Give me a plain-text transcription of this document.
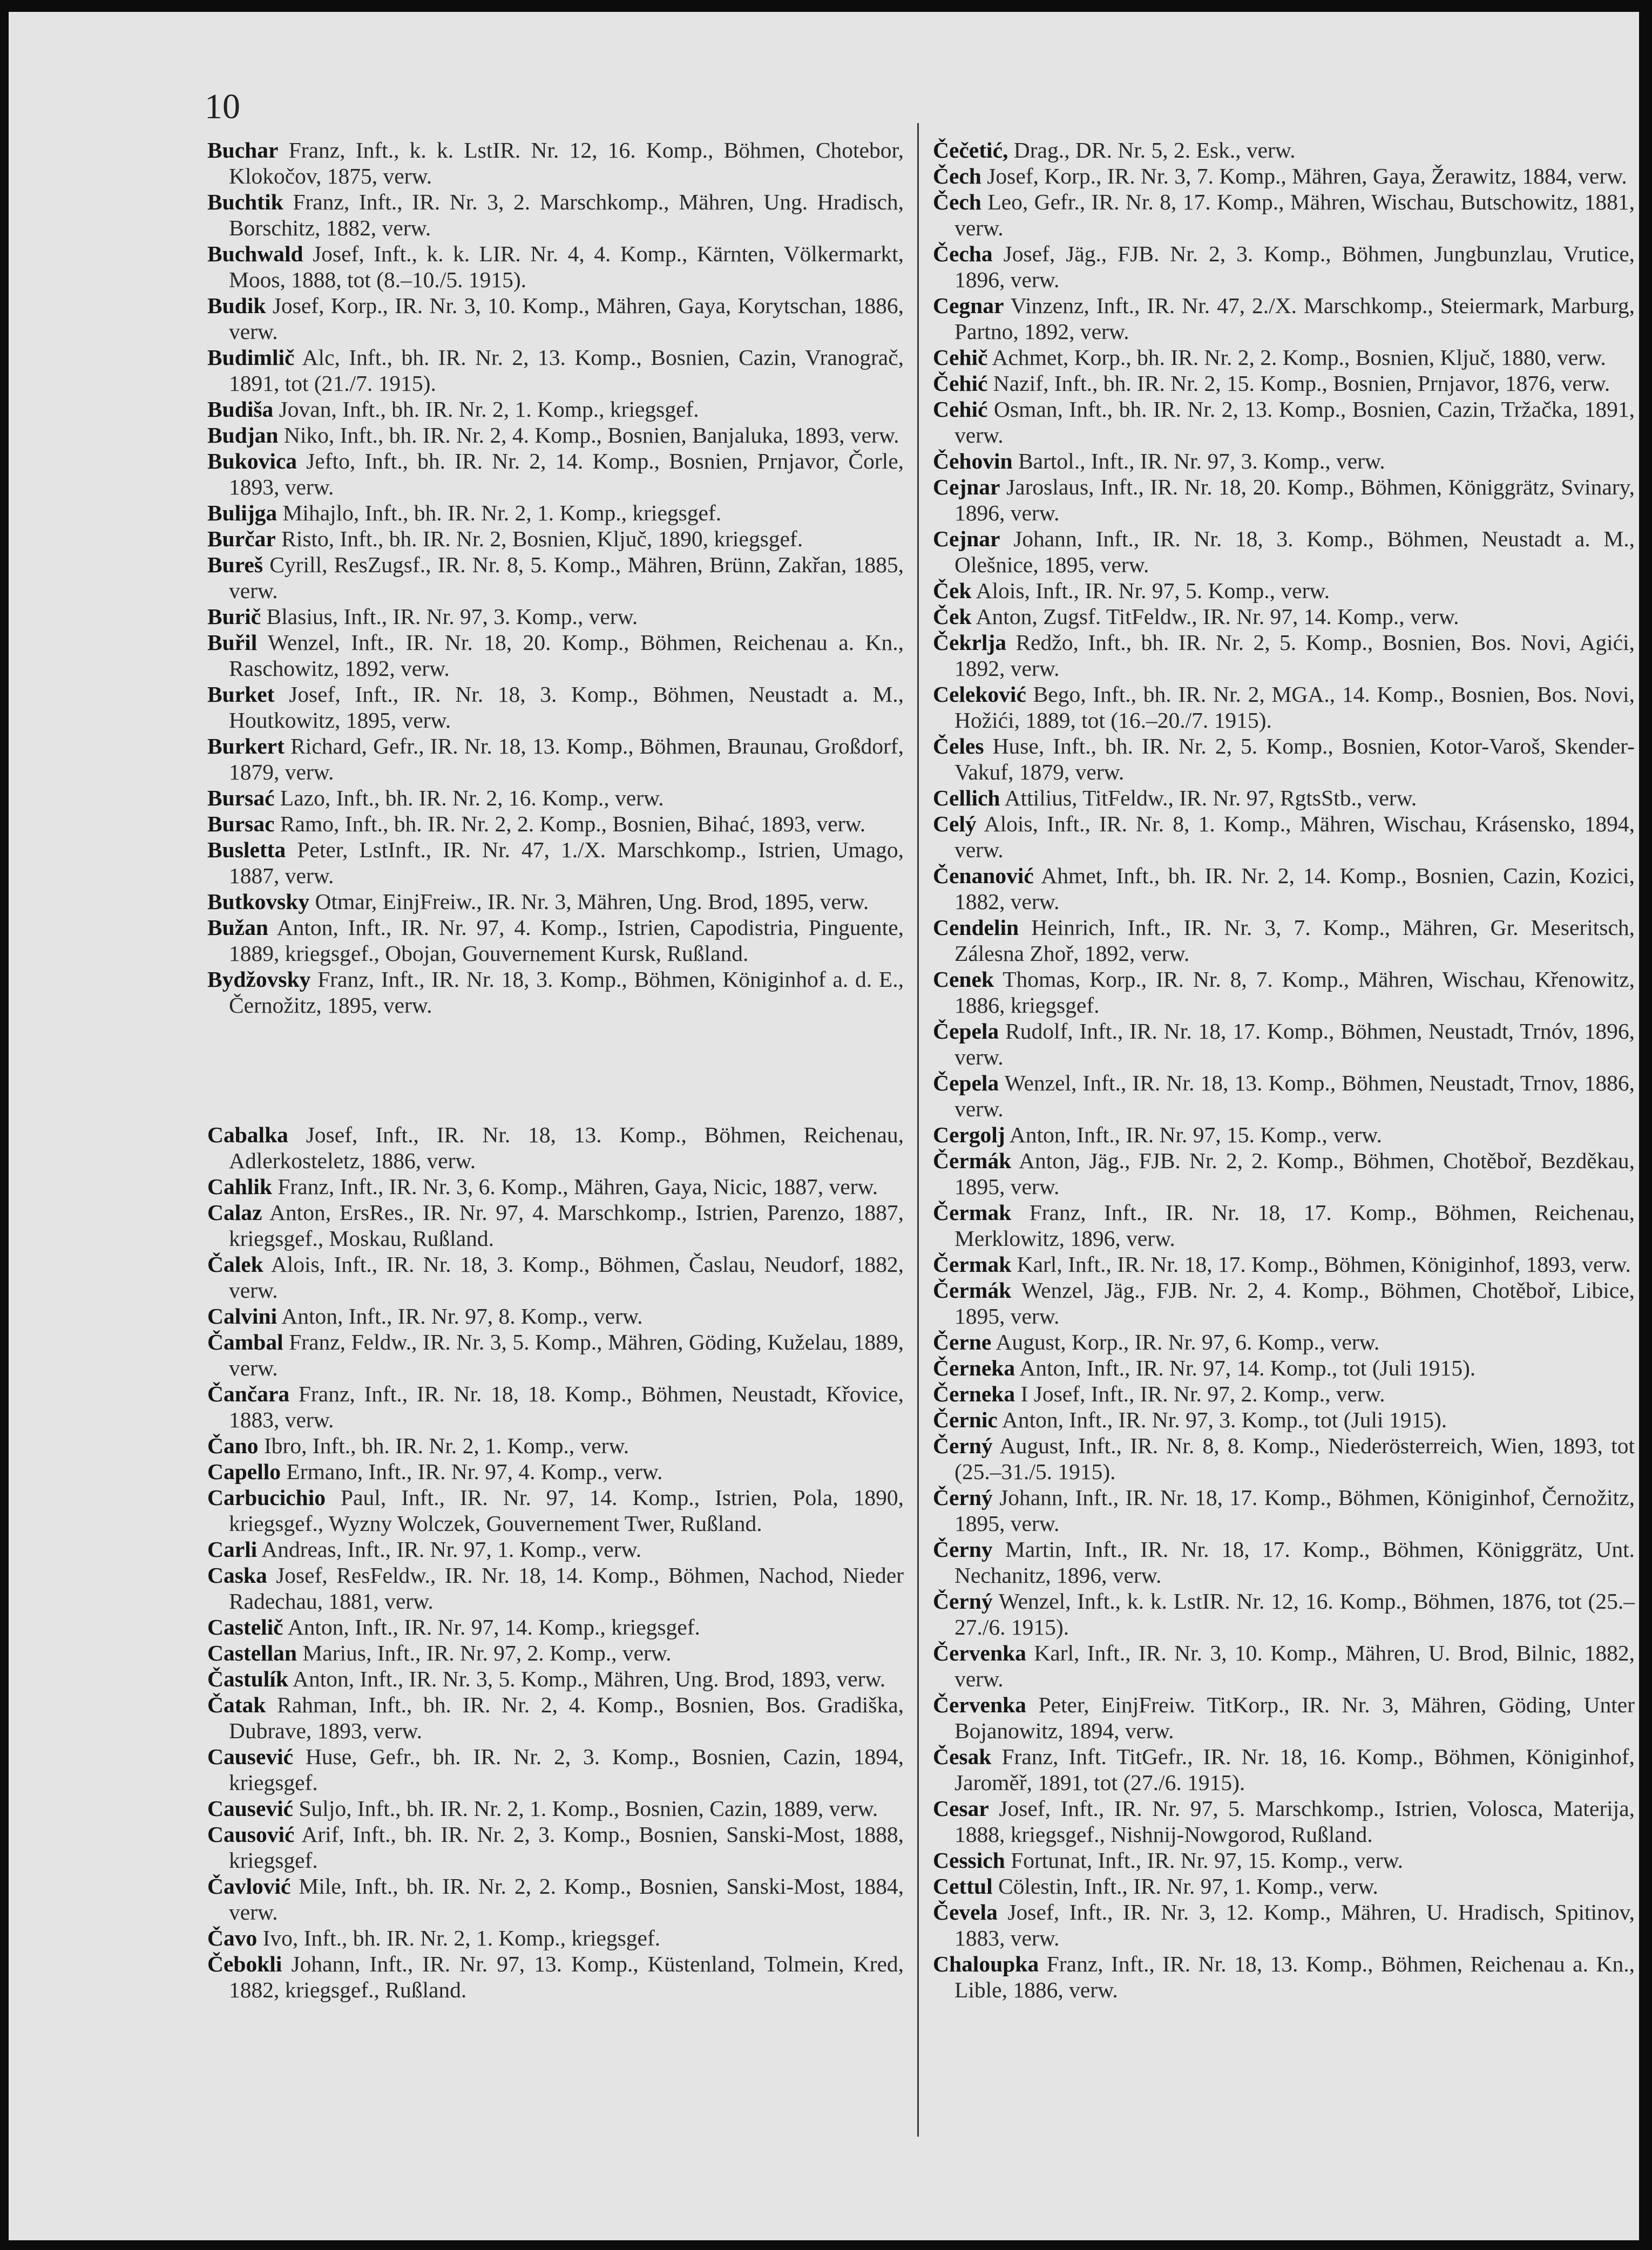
10
Buchar Franz, Inft., k. k. LstIR. Nr. 12, 16. Komp., Böhmen, Chotebor, Klokočov, 1875, verw.
Buchtik Franz, Inft., IR. Nr. 3, 2. Marschkomp., Mähren, Ung. Hradisch, Borschitz, 1882, verw.
Buchwald Josef, Inft., k. k. LIR. Nr. 4, 4. Komp., Kärnten, Völkermarkt, Moos, 1888, tot (8.–10./5. 1915).
Budik Josef, Korp., IR. Nr. 3, 10. Komp., Mähren, Gaya, Korytschan, 1886, verw.
Budimlič Alc, Inft., bh. IR. Nr. 2, 13. Komp., Bosnien, Cazin, Vranograč, 1891, tot (21./7. 1915).
Budiša Jovan, Inft., bh. IR. Nr. 2, 1. Komp., kriegsgef.
Budjan Niko, Inft., bh. IR. Nr. 2, 4. Komp., Bosnien, Banjaluka, 1893, verw.
Bukovica Jefto, Inft., bh. IR. Nr. 2, 14. Komp., Bosnien, Prnjavor, Čorle, 1893, verw.
Bulijga Mihajlo, Inft., bh. IR. Nr. 2, 1. Komp., kriegsgef.
Burčar Risto, Inft., bh. IR. Nr. 2, Bosnien, Ključ, 1890, kriegsgef.
Bureš Cyrill, ResZugsf., IR. Nr. 8, 5. Komp., Mähren, Brünn, Zakřan, 1885, verw.
Burič Blasius, Inft., IR. Nr. 97, 3. Komp., verw.
Buřil Wenzel, Inft., IR. Nr. 18, 20. Komp., Böhmen, Reichenau a. Kn., Raschowitz, 1892, verw.
Burket Josef, Inft., IR. Nr. 18, 3. Komp., Böhmen, Neustadt a. M., Houtkowitz, 1895, verw.
Burkert Richard, Gefr., IR. Nr. 18, 13. Komp., Böhmen, Braunau, Großdorf, 1879, verw.
Bursać Lazo, Inft., bh. IR. Nr. 2, 16. Komp., verw.
Bursac Ramo, Inft., bh. IR. Nr. 2, 2. Komp., Bosnien, Bihać, 1893, verw.
Busletta Peter, LstInft., IR. Nr. 47, 1./X. Marschkomp., Istrien, Umago, 1887, verw.
Butkovsky Otmar, EinjFreiw., IR. Nr. 3, Mähren, Ung. Brod, 1895, verw.
Bužan Anton, Inft., IR. Nr. 97, 4. Komp., Istrien, Capodistria, Pinguente, 1889, kriegsgef., Obojan, Gouvernement Kursk, Rußland.
Bydžovsky Franz, Inft., IR. Nr. 18, 3. Komp., Böhmen, Königinhof a. d. E., Černožitz, 1895, verw.
Cabalka Josef, Inft., IR. Nr. 18, 13. Komp., Böhmen, Reichenau, Adlerkosteletz, 1886, verw.
Cahlik Franz, Inft., IR. Nr. 3, 6. Komp., Mähren, Gaya, Nicic, 1887, verw.
Calaz Anton, ErsRes., IR. Nr. 97, 4. Marschkomp., Istrien, Parenzo, 1887, kriegsgef., Moskau, Rußland.
Čalek Alois, Inft., IR. Nr. 18, 3. Komp., Böhmen, Časlau, Neudorf, 1882, verw.
Calvini Anton, Inft., IR. Nr. 97, 8. Komp., verw.
Čambal Franz, Feldw., IR. Nr. 3, 5. Komp., Mähren, Göding, Kuželau, 1889, verw.
Čančara Franz, Inft., IR. Nr. 18, 18. Komp., Böhmen, Neustadt, Křovice, 1883, verw.
Čano Ibro, Inft., bh. IR. Nr. 2, 1. Komp., verw.
Capello Ermano, Inft., IR. Nr. 97, 4. Komp., verw.
Carbucichio Paul, Inft., IR. Nr. 97, 14. Komp., Istrien, Pola, 1890, kriegsgef., Wyzny Wolczek, Gouvernement Twer, Rußland.
Carli Andreas, Inft., IR. Nr. 97, 1. Komp., verw.
Caska Josef, ResFeldw., IR. Nr. 18, 14. Komp., Böhmen, Nachod, Nieder Radechau, 1881, verw.
Castelič Anton, Inft., IR. Nr. 97, 14. Komp., kriegsgef.
Castellan Marius, Inft., IR. Nr. 97, 2. Komp., verw.
Častulík Anton, Inft., IR. Nr. 3, 5. Komp., Mähren, Ung. Brod, 1893, verw.
Čatak Rahman, Inft., bh. IR. Nr. 2, 4. Komp., Bosnien, Bos. Gradiška, Dubrave, 1893, verw.
Causević Huse, Gefr., bh. IR. Nr. 2, 3. Komp., Bosnien, Cazin, 1894, kriegsgef.
Causević Suljo, Inft., bh. IR. Nr. 2, 1. Komp., Bosnien, Cazin, 1889, verw.
Causović Arif, Inft., bh. IR. Nr. 2, 3. Komp., Bosnien, Sanski-Most, 1888, kriegsgef.
Čavlović Mile, Inft., bh. IR. Nr. 2, 2. Komp., Bosnien, Sanski-Most, 1884, verw.
Čavo Ivo, Inft., bh. IR. Nr. 2, 1. Komp., kriegsgef.
Čebokli Johann, Inft., IR. Nr. 97, 13. Komp., Küstenland, Tolmein, Kred, 1882, kriegsgef., Rußland.
Čečetić, Drag., DR. Nr. 5, 2. Esk., verw.
Čech Josef, Korp., IR. Nr. 3, 7. Komp., Mähren, Gaya, Žerawitz, 1884, verw.
Čech Leo, Gefr., IR. Nr. 8, 17. Komp., Mähren, Wischau, Butschowitz, 1881, verw.
Čecha Josef, Jäg., FJB. Nr. 2, 3. Komp., Böhmen, Jungbunzlau, Vrutice, 1896, verw.
Cegnar Vinzenz, Inft., IR. Nr. 47, 2./X. Marschkomp., Steiermark, Marburg, Partno, 1892, verw.
Cehič Achmet, Korp., bh. IR. Nr. 2, 2. Komp., Bosnien, Ključ, 1880, verw.
Čehić Nazif, Inft., bh. IR. Nr. 2, 15. Komp., Bosnien, Prnjavor, 1876, verw.
Cehić Osman, Inft., bh. IR. Nr. 2, 13. Komp., Bosnien, Cazin, Tržačka, 1891, verw.
Čehovin Bartol., Inft., IR. Nr. 97, 3. Komp., verw.
Cejnar Jaroslaus, Inft., IR. Nr. 18, 20. Komp., Böhmen, Königgrätz, Svinary, 1896, verw.
Cejnar Johann, Inft., IR. Nr. 18, 3. Komp., Böhmen, Neustadt a. M., Olešnice, 1895, verw.
Ček Alois, Inft., IR. Nr. 97, 5. Komp., verw.
Ček Anton, Zugsf. TitFeldw., IR. Nr. 97, 14. Komp., verw.
Čekrlja Redžo, Inft., bh. IR. Nr. 2, 5. Komp., Bosnien, Bos. Novi, Agići, 1892, verw.
Celeković Bego, Inft., bh. IR. Nr. 2, MGA., 14. Komp., Bosnien, Bos. Novi, Hožići, 1889, tot (16.–20./7. 1915).
Čeles Huse, Inft., bh. IR. Nr. 2, 5. Komp., Bosnien, Kotor-Varoš, Skender-Vakuf, 1879, verw.
Cellich Attilius, TitFeldw., IR. Nr. 97, RgtsStb., verw.
Celý Alois, Inft., IR. Nr. 8, 1. Komp., Mähren, Wischau, Krásensko, 1894, verw.
Čenanović Ahmet, Inft., bh. IR. Nr. 2, 14. Komp., Bosnien, Cazin, Kozici, 1882, verw.
Cendelin Heinrich, Inft., IR. Nr. 3, 7. Komp., Mähren, Gr. Meseritsch, Zálesna Zhoř, 1892, verw.
Cenek Thomas, Korp., IR. Nr. 8, 7. Komp., Mähren, Wischau, Křenowitz, 1886, kriegsgef.
Čepela Rudolf, Inft., IR. Nr. 18, 17. Komp., Böhmen, Neustadt, Trnóv, 1896, verw.
Čepela Wenzel, Inft., IR. Nr. 18, 13. Komp., Böhmen, Neustadt, Trnov, 1886, verw.
Cergolj Anton, Inft., IR. Nr. 97, 15. Komp., verw.
Čermák Anton, Jäg., FJB. Nr. 2, 2. Komp., Böhmen, Chotěboř, Bezděkau, 1895, verw.
Čermak Franz, Inft., IR. Nr. 18, 17. Komp., Böhmen, Reichenau, Merklowitz, 1896, verw.
Čermak Karl, Inft., IR. Nr. 18, 17. Komp., Böhmen, Königinhof, 1893, verw.
Čermák Wenzel, Jäg., FJB. Nr. 2, 4. Komp., Böhmen, Chotěboř, Libice, 1895, verw.
Černe August, Korp., IR. Nr. 97, 6. Komp., verw.
Černeka Anton, Inft., IR. Nr. 97, 14. Komp., tot (Juli 1915).
Černeka I Josef, Inft., IR. Nr. 97, 2. Komp., verw.
Černic Anton, Inft., IR. Nr. 97, 3. Komp., tot (Juli 1915).
Černý August, Inft., IR. Nr. 8, 8. Komp., Niederösterreich, Wien, 1893, tot (25.–31./5. 1915).
Černý Johann, Inft., IR. Nr. 18, 17. Komp., Böhmen, Königinhof, Černožitz, 1895, verw.
Černy Martin, Inft., IR. Nr. 18, 17. Komp., Böhmen, Königgrätz, Unt. Nechanitz, 1896, verw.
Černý Wenzel, Inft., k. k. LstIR. Nr. 12, 16. Komp., Böhmen, 1876, tot (25.–27./6. 1915).
Červenka Karl, Inft., IR. Nr. 3, 10. Komp., Mähren, U. Brod, Bilnic, 1882, verw.
Červenka Peter, EinjFreiw. TitKorp., IR. Nr. 3, Mähren, Göding, Unter Bojanowitz, 1894, verw.
Česak Franz, Inft. TitGefr., IR. Nr. 18, 16. Komp., Böhmen, Königinhof, Jaroměř, 1891, tot (27./6. 1915).
Cesar Josef, Inft., IR. Nr. 97, 5. Marschkomp., Istrien, Volosca, Materija, 1888, kriegsgef., Nishnij-Nowgorod, Rußland.
Cessich Fortunat, Inft., IR. Nr. 97, 15. Komp., verw.
Cettul Cölestin, Inft., IR. Nr. 97, 1. Komp., verw.
Čevela Josef, Inft., IR. Nr. 3, 12. Komp., Mähren, U. Hradisch, Spitinov, 1883, verw.
Chaloupka Franz, Inft., IR. Nr. 18, 13. Komp., Böhmen, Reichenau a. Kn., Lible, 1886, verw.
